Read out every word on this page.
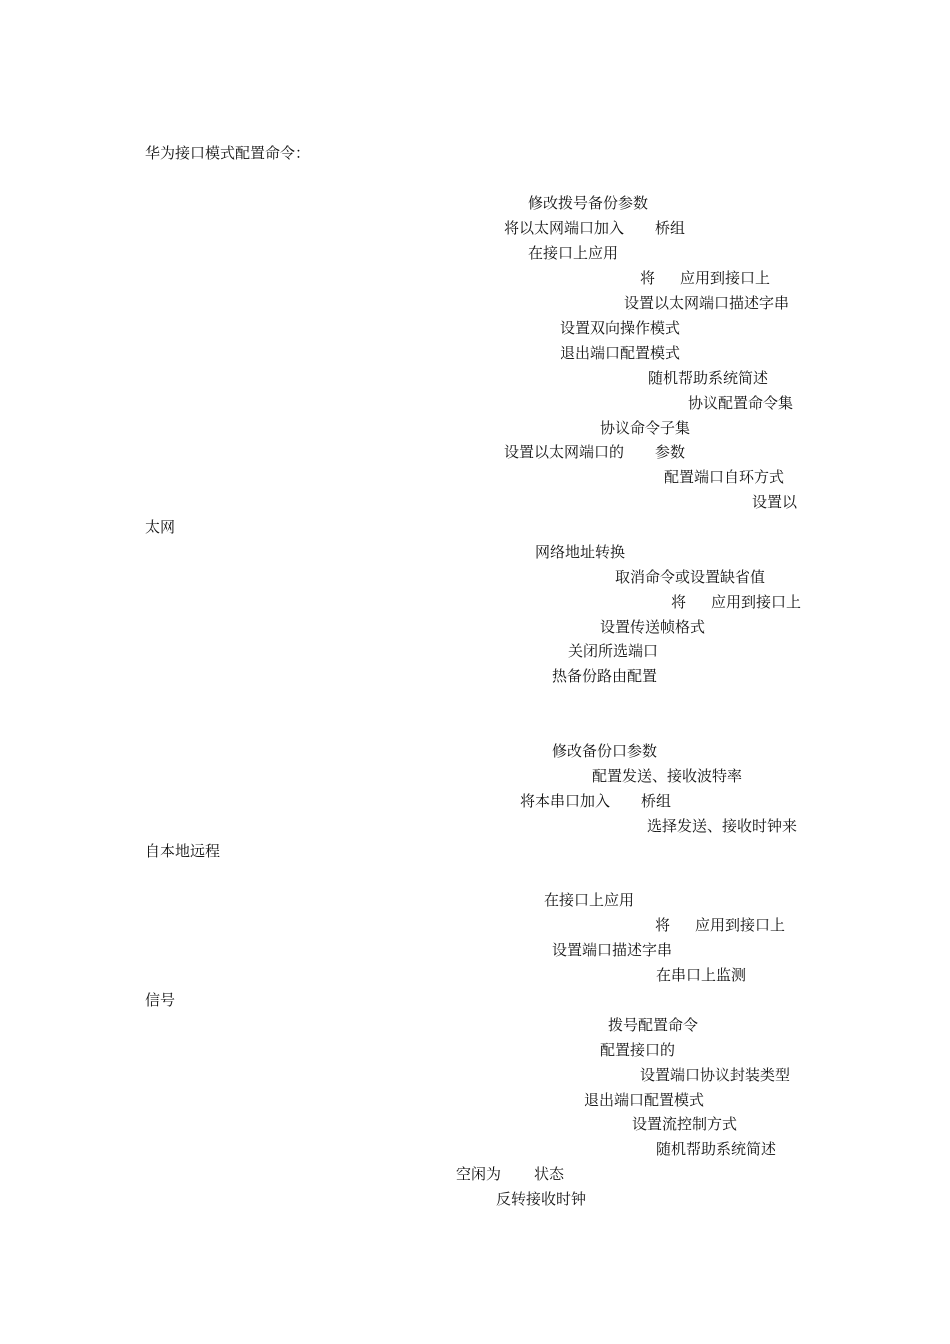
华为接口模式配置命令：
修改拨号备份参数
将以太网端口加入 桥组
在接口上应用
将 应用到接口上
设置以太网端口描述字串
设置双向操作模式
退出端口配置模式
随机帮助系统简述
协议配置命令集
协议命令子集
设置以太网端口的 参数
配置端口自环方式
设置以
太网
网络地址转换
取消命令或设置缺省值
将 应用到接口上
设置传送帧格式
关闭所选端口
热备份路由配置
修改备份口参数
配置发送、接收波特率
将本串口加入 桥组
选择发送、接收时钟来
自本地远程
在接口上应用
将 应用到接口上
设置端口描述字串
在串口上监测
信号
拨号配置命令
配置接口的
设置端口协议封装类型
退出端口配置模式
设置流控制方式
随机帮助系统简述
空闲为 状态
反转接收时钟
